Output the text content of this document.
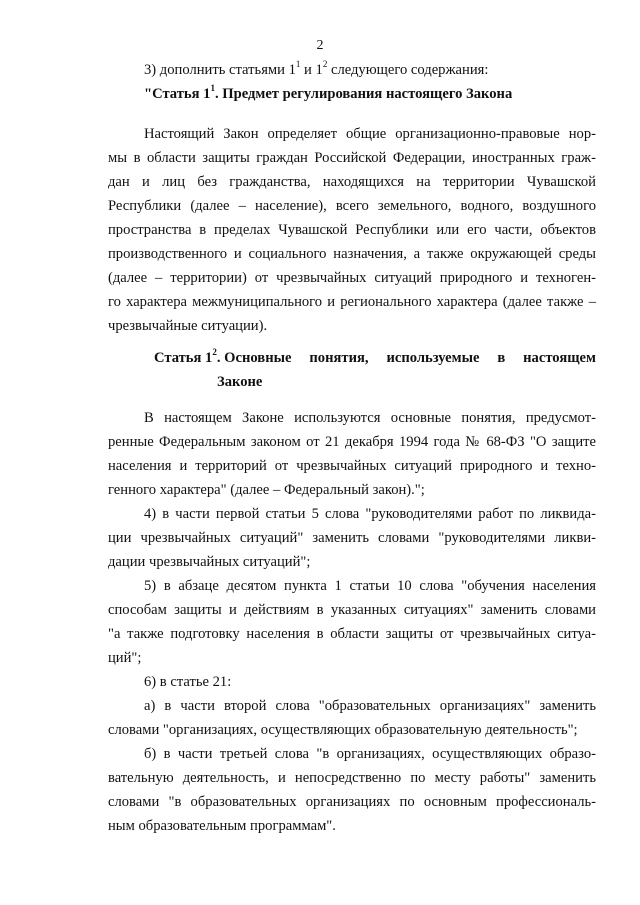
2

3) дополнить статьями $1^1$ и $1^2$ следующего содержания:

"Статья $1^1$. Предмет регулирования настоящего Закона

Настоящий Закон определяет общие организационно-правовые нор-

мы в области защиты граждан Российской Федерации, иностранных граж-

дан и лиц без гражданства, находящихся на территории Чувашской

Республики (далее – население), всего земельного, водного, воздушного

пространства в пределах Чувашской Республики или его части, объектов

производственного и социального назначения, а также окружающей среды

(далее – территории) от чрезвычайных ситуаций природного и техноген-

го характера межмуниципального и регионального характера (далее также –

чрезвычайные ситуации).

Статья $1^2$. Основные понятия, используемые в настоящем

Законе

В настоящем Законе используются основные понятия, предусмот-

ренные Федеральным законом от 21 декабря 1994 года № 68-ФЗ "О защите

населения и территорий от чрезвычайных ситуаций природного и техно-

генного характера" (далее – Федеральный закон).";

4) в части первой статьи 5 слова "руководителями работ по ликвида-

ции чрезвычайных ситуаций" заменить словами "руководителями ликви-

дации чрезвычайных ситуаций";

5) в абзаце десятом пункта 1 статьи 10 слова "обучения населения

способам защиты и действиям в указанных ситуациях" заменить словами

"а также подготовку населения в области защиты от чрезвычайных ситуа-

ций";

6) в статье 21:

а) в части второй слова "образовательных организациях" заменить

словами "организациях, осуществляющих образовательную деятельность";

б) в части третьей слова "в организациях, осуществляющих образо-

вательную деятельность, и непосредственно по месту работы" заменить

словами "в образовательных организациях по основным профессиональ-

ным образовательным программам".
